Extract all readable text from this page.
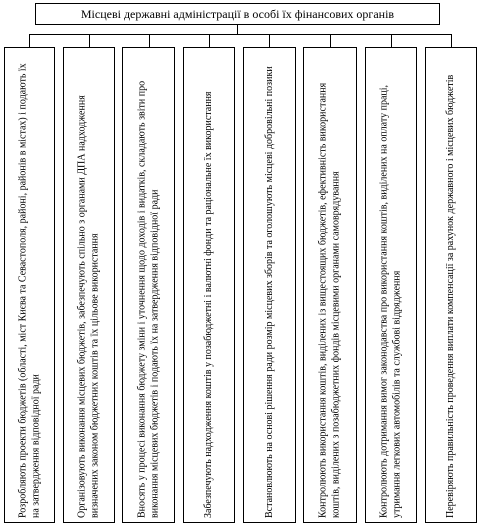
Місцеві державні адміністрації в особі їх фінансових органів
Розробляють проекти бюджетів (області, міст Києва та Севастополя, районі, районів в містах) і подають їх на затвердження відповідної ради	Організовують виконання місцевих бюджетів, забезпечують спільно з органами ДПА надходження визначених законом бюджетних коштів та їх цільове використання	Вносять у процесі виконання бюджету зміни і уточнення щодо доходів і видатків, складають звіти про виконання місцевих бюджетів і подають їх на затвердження відповідної ради	Забезпечують надходження коштів у позабюджетні і валютні фонди та раціональне їх використання	Встановлюють на основі рішення ради розмір місцевих зборів та оголошують місцеві добровільні позики	Контролюють використання коштів, виділених із вищестоящих бюджетів, ефективність використання коштів, виділених з позабюджетних фондів місцевими органами самоврядування	Контролюють дотримання вимог законодавства про використання коштів, виділених на оплату праці, утримання легкових автомобілів та службові відрядження	Перевіряють правильність проведення виплати компенсації за рахунок державного і місцевих бюджетів
